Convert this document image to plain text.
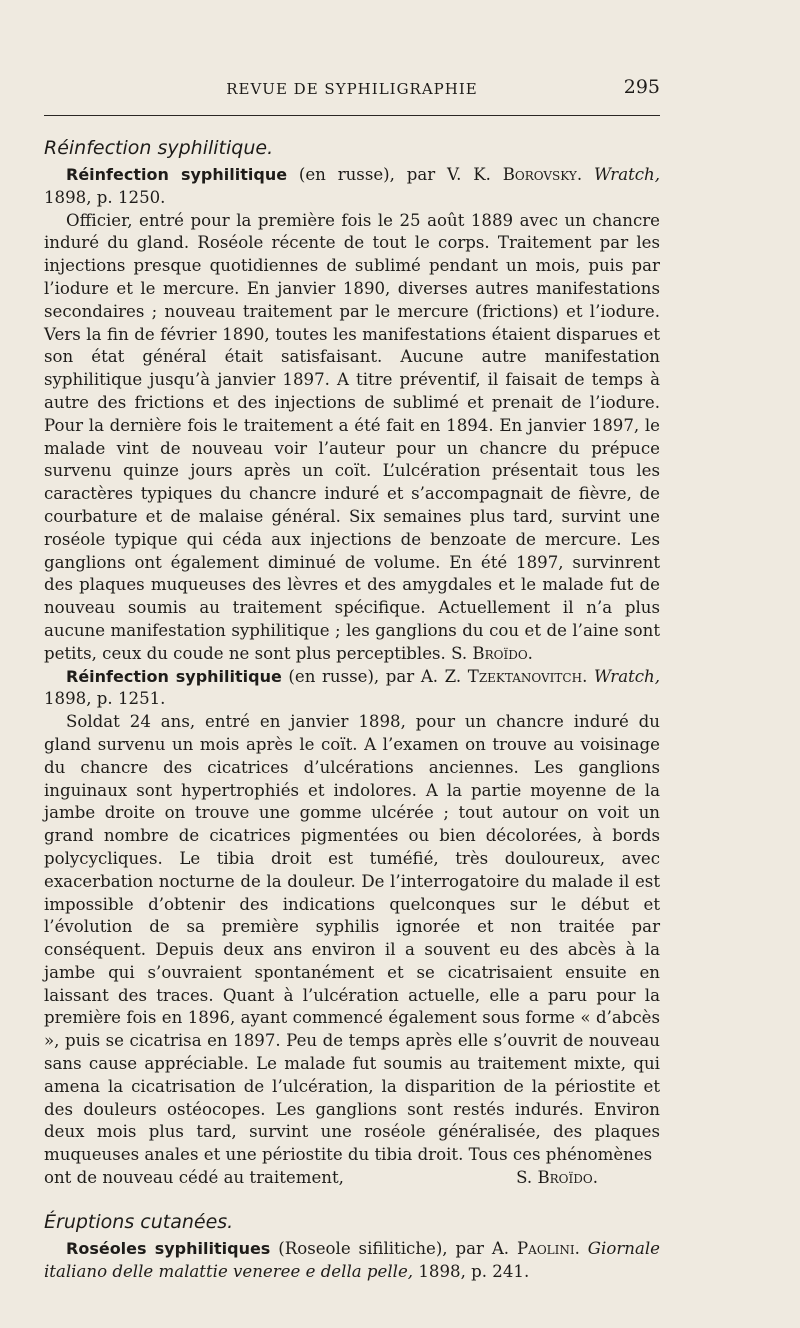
REVUE DE SYPHILIGRAPHIE	295
Réinfection syphilitique.

Réinfection syphilitique (en russe), par V. K. Borovsky. Wratch, 1898, p. 1250.

Officier, entré pour la première fois le 25 août 1889 avec un chancre induré du gland. Roséole récente de tout le corps. Traitement par les injections presque quotidiennes de sublimé pendant un mois, puis par l’iodure et le mercure. En janvier 1890, diverses autres manifestations secondaires ; nouveau traitement par le mercure (frictions) et l’iodure. Vers la fin de février 1890, toutes les manifestations étaient disparues et son état général était satisfaisant. Aucune autre manifestation syphilitique jusqu’à janvier 1897. A titre préventif, il faisait de temps à autre des frictions et des injections de sublimé et prenait de l’iodure. Pour la dernière fois le traitement a été fait en 1894. En janvier 1897, le malade vint de nouveau voir l’auteur pour un chancre du prépuce survenu quinze jours après un coït. L’ulcération présentait tous les caractères typiques du chancre induré et s’accompagnait de fièvre, de courbature et de malaise général. Six semaines plus tard, survint une roséole typique qui céda aux injections de benzoate de mercure. Les ganglions ont également diminué de volume. En été 1897, survinrent des plaques muqueuses des lèvres et des amygdales et le malade fut de nouveau soumis au traitement spécifique. Actuellement il n’a plus aucune manifestation syphilitique ; les ganglions du cou et de l’aine sont petits, ceux du coude ne sont plus perceptibles. S. Broïdo.

Réinfection syphilitique (en russe), par A. Z. Tzektanovitch. Wratch, 1898, p. 1251.

Soldat 24 ans, entré en janvier 1898, pour un chancre induré du gland survenu un mois après le coït. A l’examen on trouve au voisinage du chancre des cicatrices d’ulcérations anciennes. Les ganglions inguinaux sont hypertrophiés et indolores. A la partie moyenne de la jambe droite on trouve une gomme ulcérée ; tout autour on voit un grand nombre de cicatrices pigmentées ou bien décolorées, à bords polycycliques. Le tibia droit est tuméfié, très douloureux, avec exacerbation nocturne de la douleur. De l’interrogatoire du malade il est impossible d’obtenir des indications quelconques sur le début et l’évolution de sa première syphilis ignorée et non traitée par conséquent. Depuis deux ans environ il a souvent eu des abcès à la jambe qui s’ouvraient spontanément et se cicatrisaient ensuite en laissant des traces. Quant à l’ulcération actuelle, elle a paru pour la première fois en 1896, ayant commencé également sous forme « d’abcès », puis se cicatrisa en 1897. Peu de temps après elle s’ouvrit de nouveau sans cause appréciable. Le malade fut soumis au traitement mixte, qui amena la cicatrisation de l’ulcération, la disparition de la périostite et des douleurs ostéocopes. Les ganglions sont restés indurés. Environ deux mois plus tard, survint une roséole généralisée, des plaques muqueuses anales et une périostite du tibia droit. Tous ces phénomènes

ont de nouveau cédé au traitement,	S. Broïdo.

Éruptions cutanées.

Roséoles syphilitiques (Roseole sifilitiche), par A. Paolini. Giornale italiano delle malattie veneree e della pelle, 1898, p. 241.
